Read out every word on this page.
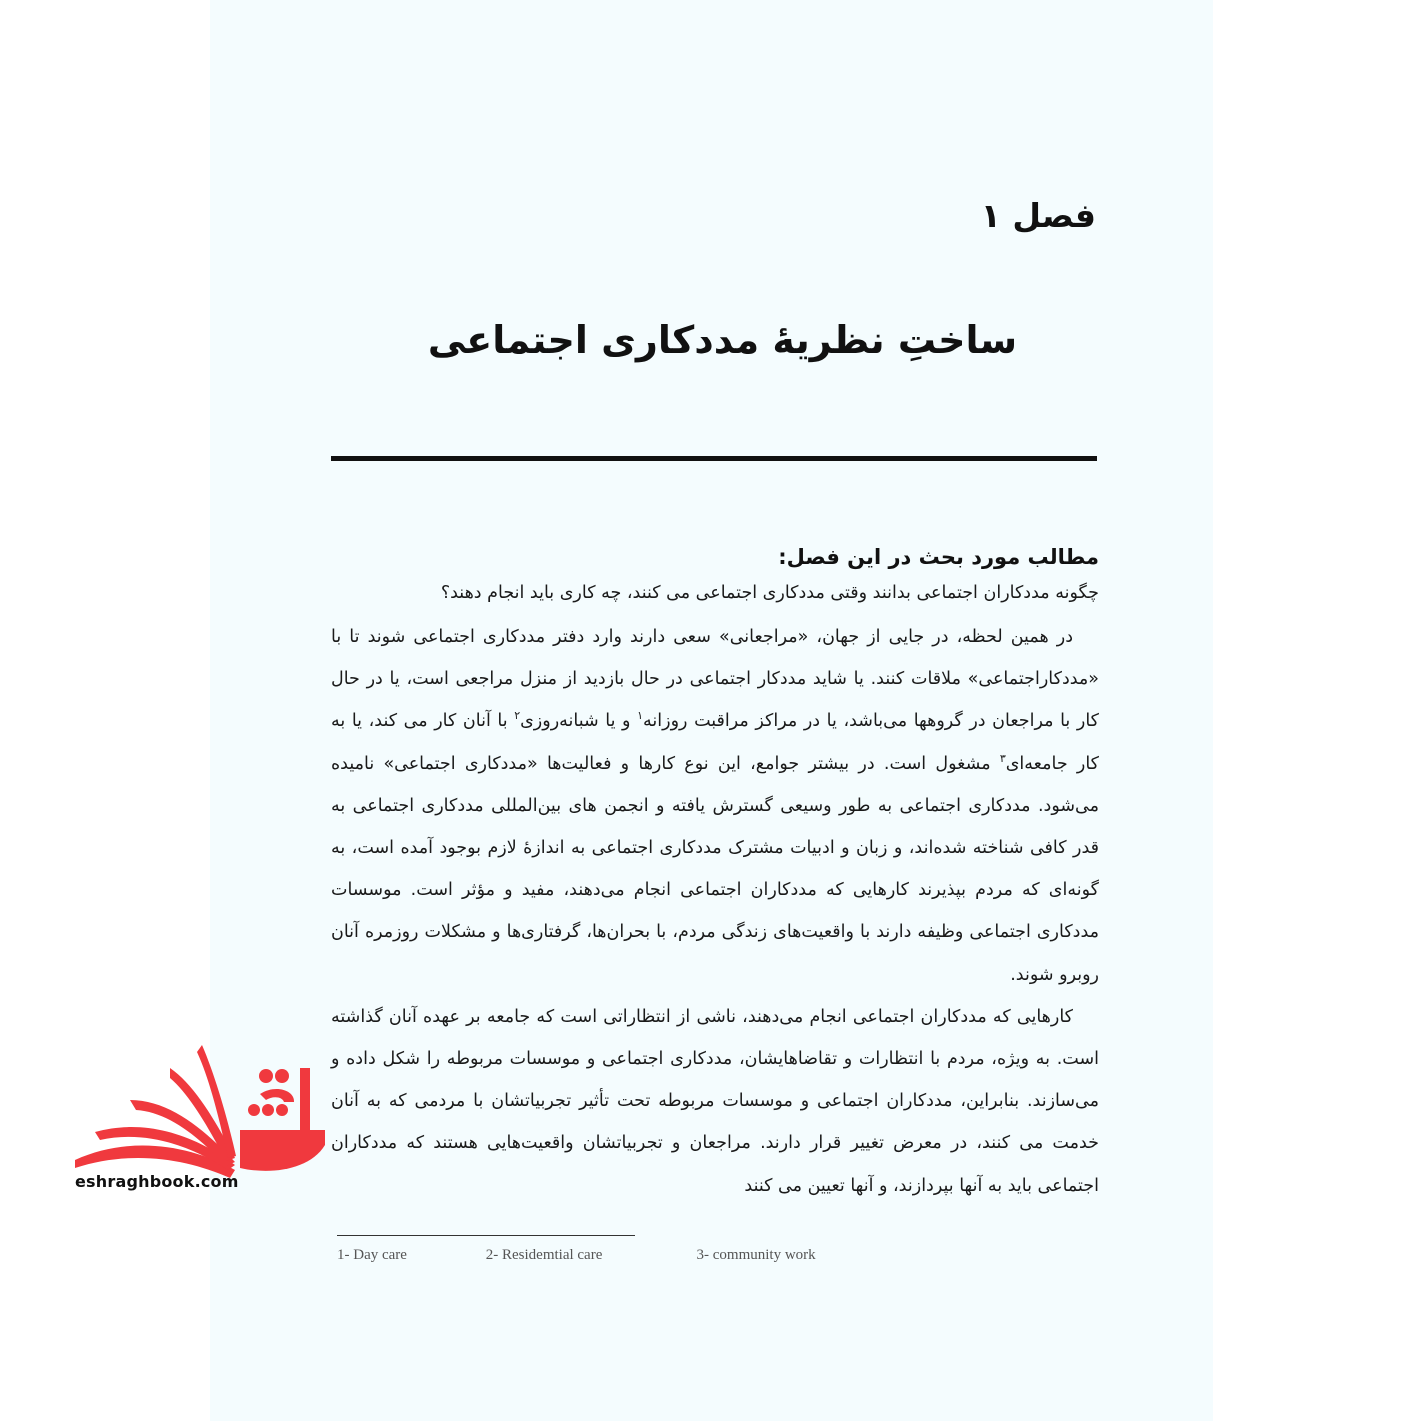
فصل ۱
ساختِ نظریهٔ مددکاری اجتماعی

مطالب مورد بحث در این فصل:

چگونه مددکاران اجتماعی بدانند وقتی مددکاری اجتماعی می کنند، چه کاری باید انجام دهند؟

در همین لحظه، در جایی از جهان، «مراجعانی» سعی دارند وارد دفتر مددکاری اجتماعی شوند تا با «مددکاراجتماعی» ملاقات کنند. یا شاید مددکار اجتماعی در حال بازدید از منزل مراجعی است، یا در حال کار با مراجعان در گروهها می‌باشد، یا در مراکز مراقبت روزانه$^۱$ و یا شبانه‌روزی$^۲$ با آنان کار می کند، یا به کار جامعه‌ای$^۳$ مشغول است. در بیشتر جوامع، این نوع کارها و فعالیت‌ها «مددکاری اجتماعی» نامیده می‌شود. مددکاری اجتماعی به طور وسیعی گسترش یافته و انجمن های بین‌المللی مددکاری اجتماعی به قدر کافی شناخته شده‌اند، و زبان و ادبیات مشترک مددکاری اجتماعی به اندازهٔ لازم بوجود آمده است، به گونه‌ای که مردم بپذیرند کارهایی که مددکاران اجتماعی انجام می‌دهند، مفید و مؤثر است. موسسات مددکاری اجتماعی وظیفه دارند با واقعیت‌های زندگی مردم، با بحران‌ها، گرفتاری‌ها و مشکلات روزمره آنان روبرو شوند.

کارهایی که مددکاران اجتماعی انجام می‌دهند، ناشی از انتظاراتی است که جامعه بر عهده آنان گذاشته است. به ویژه، مردم با انتظارات و تقاضاهایشان، مددکاری اجتماعی و موسسات مربوطه را شکل داده و می‌سازند. بنابراین، مددکاران اجتماعی و موسسات مربوطه تحت تأثیر تجربیاتشان با مردمی که به آنان خدمت می کنند، در معرض تغییر قرار دارند. مراجعان و تجربیاتشان واقعیت‌هایی هستند که مددکاران اجتماعی باید به آنها بپردازند، و آنها تعیین می کنند

1- Day care	2- Residemtial care	3- community work
eshraghbook.com
